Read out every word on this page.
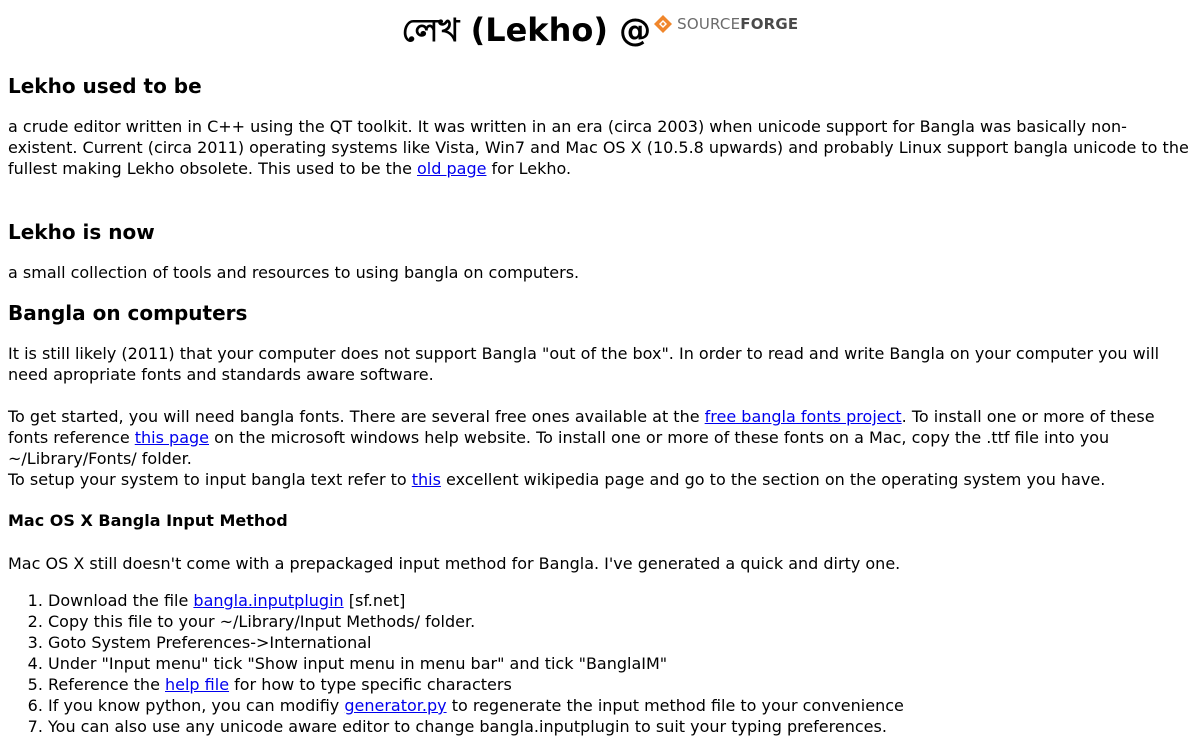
লেখ (Lekho) @ SOURCEFORGE
Lekho used to be

a crude editor written in C++ using the QT toolkit. It was written in an era (circa 2003) when unicode support for Bangla was basically non-existent. Current (circa 2011) operating systems like Vista, Win7 and Mac OS X (10.5.8 upwards) and probably Linux support bangla unicode to the fullest making Lekho obsolete. This used to be the old page for Lekho.

Lekho is now

a small collection of tools and resources to using bangla on computers.

Bangla on computers

It is still likely (2011) that your computer does not support Bangla "out of the box". In order to read and write Bangla on your computer you will need apropriate fonts and standards aware software.

To get started, you will need bangla fonts. There are several free ones available at the free bangla fonts project. To install one or more of these fonts reference this page on the microsoft windows help website. To install one or more of these fonts on a Mac, copy the .ttf file into you ~/Library/Fonts/ folder.
To setup your system to input bangla text refer to this excellent wikipedia page and go to the section on the operating system you have.

Mac OS X Bangla Input Method

Mac OS X still doesn't come with a prepackaged input method for Bangla. I've generated a quick and dirty one.

1. Download the file bangla.inputplugin [sf.net]
2. Copy this file to your ~/Library/Input Methods/ folder.
3. Goto System Preferences->International
4. Under "Input menu" tick "Show input menu in menu bar" and tick "BanglaIM"
5. Reference the help file for how to type specific characters
6. If you know python, you can modifiy generator.py to regenerate the input method file to your convenience
7. You can also use any unicode aware editor to change bangla.inputplugin to suit your typing preferences.
